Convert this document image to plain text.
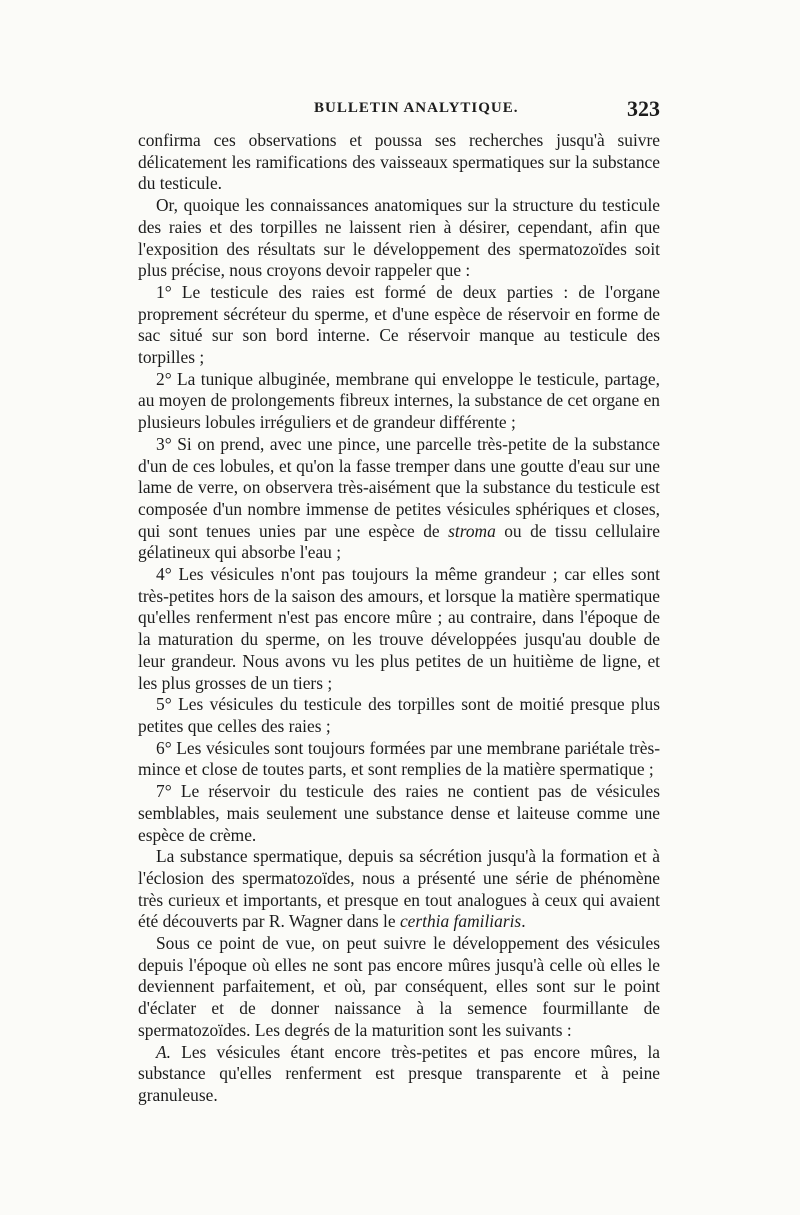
BULLETIN ANALYTIQUE.	323

confirma ces observations et poussa ses recherches jusqu'à suivre délicatement les ramifications des vaisseaux spermatiques sur la substance du testicule.

Or, quoique les connaissances anatomiques sur la structure du testicule des raies et des torpilles ne laissent rien à désirer, cependant, afin que l'exposition des résultats sur le développement des spermatozoïdes soit plus précise, nous croyons devoir rappeler que :

1° Le testicule des raies est formé de deux parties : de l'organe proprement sécréteur du sperme, et d'une espèce de réservoir en forme de sac situé sur son bord interne. Ce réservoir manque au testicule des torpilles ;

2° La tunique albuginée, membrane qui enveloppe le testicule, partage, au moyen de prolongements fibreux internes, la substance de cet organe en plusieurs lobules irréguliers et de grandeur différente ;

3° Si on prend, avec une pince, une parcelle très-petite de la substance d'un de ces lobules, et qu'on la fasse tremper dans une goutte d'eau sur une lame de verre, on observera très-aisément que la substance du testicule est composée d'un nombre immense de petites vésicules sphériques et closes, qui sont tenues unies par une espèce de stroma ou de tissu cellulaire gélatineux qui absorbe l'eau ;

4° Les vésicules n'ont pas toujours la même grandeur ; car elles sont très-petites hors de la saison des amours, et lorsque la matière spermatique qu'elles renferment n'est pas encore mûre ; au contraire, dans l'époque de la maturation du sperme, on les trouve développées jusqu'au double de leur grandeur. Nous avons vu les plus petites de un huitième de ligne, et les plus grosses de un tiers ;

5° Les vésicules du testicule des torpilles sont de moitié presque plus petites que celles des raies ;

6° Les vésicules sont toujours formées par une membrane pariétale très-mince et close de toutes parts, et sont remplies de la matière spermatique ;

7° Le réservoir du testicule des raies ne contient pas de vésicules semblables, mais seulement une substance dense et laiteuse comme une espèce de crème.

La substance spermatique, depuis sa sécrétion jusqu'à la formation et à l'éclosion des spermatozoïdes, nous a présenté une série de phénomène très curieux et importants, et presque en tout analogues à ceux qui avaient été découverts par R. Wagner dans le certhia familiaris.

Sous ce point de vue, on peut suivre le développement des vésicules depuis l'époque où elles ne sont pas encore mûres jusqu'à celle où elles le deviennent parfaitement, et où, par conséquent, elles sont sur le point d'éclater et de donner naissance à la semence fourmillante de spermatozoïdes. Les degrés de la maturition sont les suivants :

A. Les vésicules étant encore très-petites et pas encore mûres, la substance qu'elles renferment est presque transparente et à peine granuleuse.
